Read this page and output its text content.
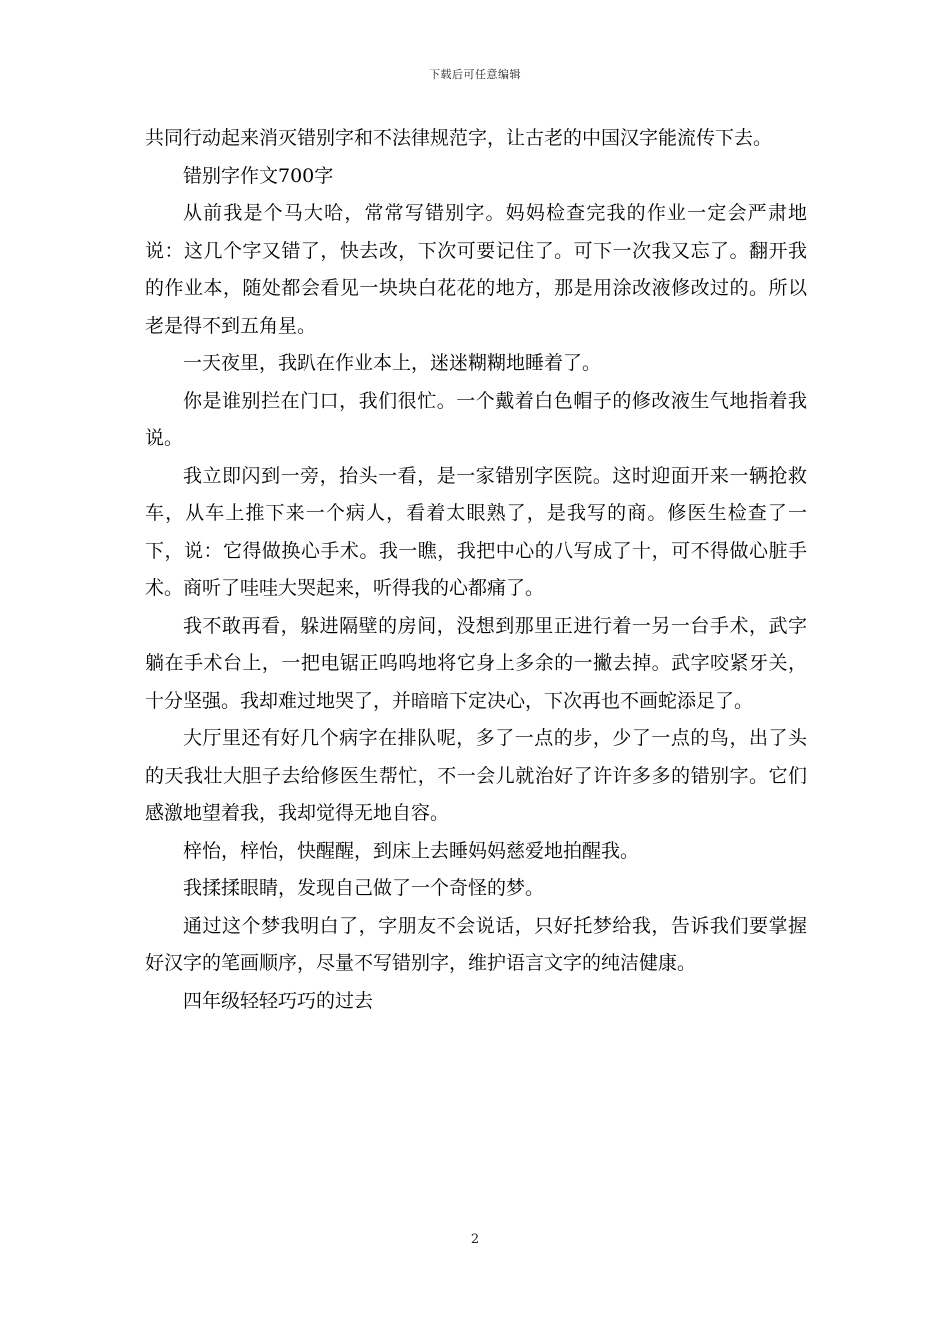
下载后可任意编辑

共同行动起来消灭错别字和不法律规范字，让古老的中国汉字能流传下去。

错别字作文700字

从前我是个马大哈，常常写错别字。妈妈检查完我的作业一定会严肃地说：这几个字又错了，快去改，下次可要记住了。可下一次我又忘了。翻开我的作业本，随处都会看见一块块白花花的地方，那是用涂改液修改过的。所以老是得不到五角星。

一天夜里，我趴在作业本上，迷迷糊糊地睡着了。

你是谁别拦在门口，我们很忙。一个戴着白色帽子的修改液生气地指着我说。

我立即闪到一旁，抬头一看，是一家错别字医院。这时迎面开来一辆抢救车，从车上推下来一个病人，看着太眼熟了，是我写的商。修医生检查了一下，说：它得做换心手术。我一瞧，我把中心的八写成了十，可不得做心脏手术。商听了哇哇大哭起来，听得我的心都痛了。

我不敢再看，躲进隔壁的房间，没想到那里正进行着一另一台手术，武字躺在手术台上，一把电锯正呜呜地将它身上多余的一撇去掉。武字咬紧牙关，十分坚强。我却难过地哭了，并暗暗下定决心，下次再也不画蛇添足了。

大厅里还有好几个病字在排队呢，多了一点的步，少了一点的鸟，出了头的天我壮大胆子去给修医生帮忙，不一会儿就治好了许许多多的错别字。它们感激地望着我，我却觉得无地自容。

梓怡，梓怡，快醒醒，到床上去睡妈妈慈爱地拍醒我。

我揉揉眼睛，发现自己做了一个奇怪的梦。

通过这个梦我明白了，字朋友不会说话，只好托梦给我，告诉我们要掌握好汉字的笔画顺序，尽量不写错别字，维护语言文字的纯洁健康。

四年级轻轻巧巧的过去

2
